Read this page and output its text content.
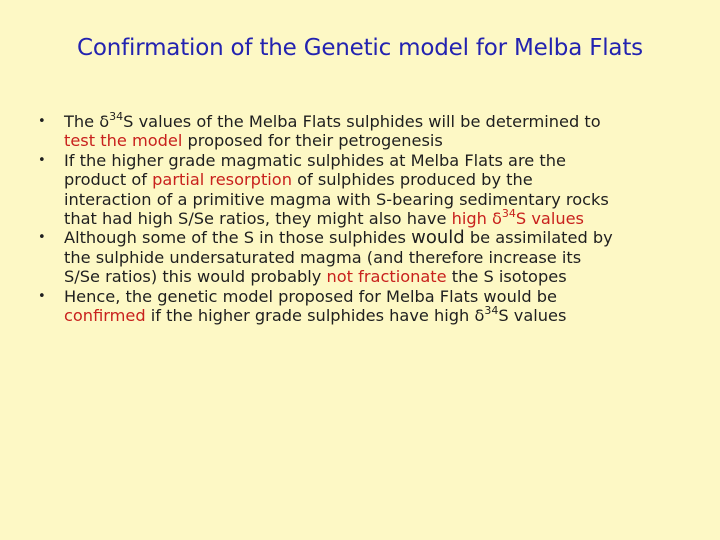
Confirmation of the Genetic model for Melba Flats
•	The $\delta^{34}S$ values of the Melba Flats sulphides will be determined to
test the model proposed for their petrogenesis
•	If the higher grade magmatic sulphides at Melba Flats are the
product of partial resorption of sulphides produced by the
interaction of a primitive magma with S-bearing sedimentary rocks
that had high S/Se ratios, they might also have high $\delta^{34}S$ values
•	Although some of the S in those sulphides would be assimilated by
the sulphide undersaturated magma (and therefore increase its
S/Se ratios) this would probably not fractionate the S isotopes
•	Hence, the genetic model proposed for Melba Flats would be
confirmed if the higher grade sulphides have high $\delta^{34}S$ values
